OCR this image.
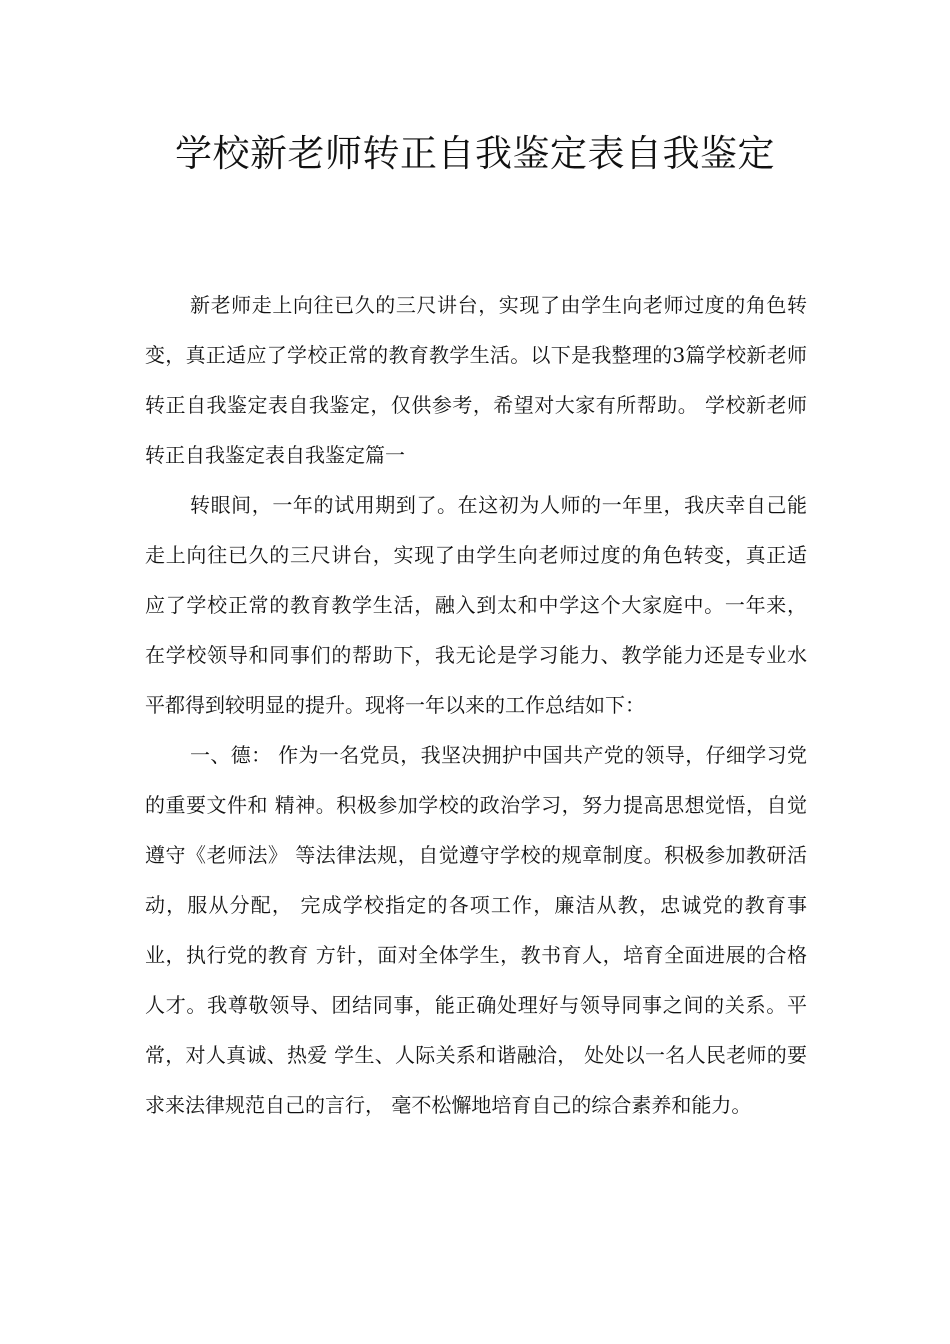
学校新老师转正自我鉴定表自我鉴定

新老师走上向往已久的三尺讲台，实现了由学生向老师过度的角色转变，真正适应了学校正常的教育教学生活。以下是我整理的3篇学校新老师转正自我鉴定表自我鉴定，仅供参考，希望对大家有所帮助。 学校新老师转正自我鉴定表自我鉴定篇一

转眼间，一年的试用期到了。在这初为人师的一年里，我庆幸自己能 走上向往已久的三尺讲台，实现了由学生向老师过度的角色转变，真正适 应了学校正常的教育教学生活，融入到太和中学这个大家庭中。一年来， 在学校领导和同事们的帮助下，我无论是学习能力、教学能力还是专业水 平都得到较明显的提升。现将一年以来的工作总结如下：

一、德： 作为一名党员，我坚决拥护中国共产党的领导，仔细学习党的重要文件和 精神。积极参加学校的政治学习，努力提高思想觉悟，自觉遵守《老师法》 等法律法规，自觉遵守学校的规章制度。积极参加教研活动，服从分配， 完成学校指定的各项工作，廉洁从教，忠诚党的教育事业，执行党的教育 方针，面对全体学生，教书育人，培育全面进展的合格人才。我尊敬领导、团结同事，能正确处理好与领导同事之间的关系。平常，对人真诚、热爱 学生、人际关系和谐融洽， 处处以一名人民老师的要求来法律规范自己的言行， 毫不松懈地培育自己的综合素养和能力。
